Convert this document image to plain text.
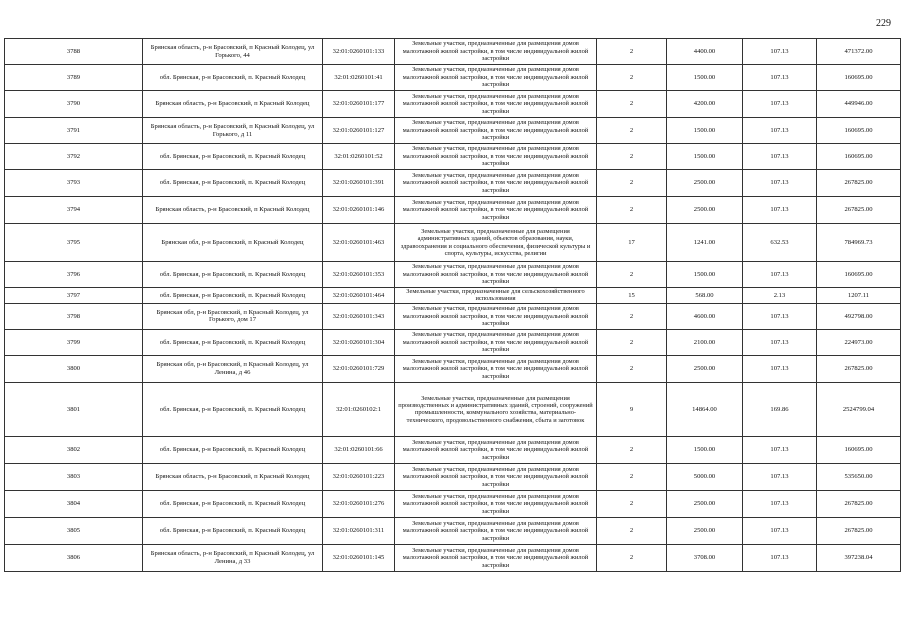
229
3788	Брянская область, р-н Брасовский, п Красный Колодец, ул Горького, 44	32:01:0260101:133	Земельные участки, предназначенные для размещения домов малоэтажной жилой застройки, в том числе индивидуальной жилой застройки	2	4400.00	107.13	471372.00
3789	обл. Брянская, р-н Брасовский, п. Красный Колодец	32:01:0260101:41	Земельные участки, предназначенные для размещения домов малоэтажной жилой застройки, в том числе индивидуальной жилой застройки	2	1500.00	107.13	160695.00
3790	Брянская область, р-н Брасовский, п Красный Колодец	32:01:0260101:177	Земельные участки, предназначенные для размещения домов малоэтажной жилой застройки, в том числе индивидуальной жилой застройки	2	4200.00	107.13	449946.00
3791	Брянская область, р-н Брасовский, п Красный Колодец, ул Горького, д 11	32:01:0260101:127	Земельные участки, предназначенные для размещения домов малоэтажной жилой застройки, в том числе индивидуальной жилой застройки	2	1500.00	107.13	160695.00
3792	обл. Брянская, р-н Брасовский, п. Красный Колодец	32:01:0260101:52	Земельные участки, предназначенные для размещения домов малоэтажной жилой застройки, в том числе индивидуальной жилой застройки	2	1500.00	107.13	160695.00
3793	обл. Брянская, р-н Брасовский, п. Красный Колодец	32:01:0260101:391	Земельные участки, предназначенные для размещения домов малоэтажной жилой застройки, в том числе индивидуальной жилой застройки	2	2500.00	107.13	267825.00
3794	Брянская область, р-н Брасовский, п Красный Колодец	32:01:0260101:146	Земельные участки, предназначенные для размещения домов малоэтажной жилой застройки, в том числе индивидуальной жилой застройки	2	2500.00	107.13	267825.00
3795	Брянская обл, р-н Брасовский, п Красный Колодец	32:01:0260101:463	Земельные участки, предназначенные для размещения административных зданий, объектов образования, науки, здравоохранения и социального обеспечения, физической культуры и спорта, культуры, искусства, религии	17	1241.00	632.53	784969.73
3796	обл. Брянская, р-н Брасовский, п. Красный Колодец	32:01:0260101:353	Земельные участки, предназначенные для размещения домов малоэтажной жилой застройки, в том числе индивидуальной жилой застройки	2	1500.00	107.13	160695.00
3797	обл. Брянская, р-н Брасовский, п. Красный Колодец	32:01:0260101:464	Земельные участки, предназначенные для сельскохозяйственного использования	15	568.00	2.13	1207.11
3798	Брянская обл, р-н Брасовский, п Красный Колодец, ул Горького, дом 17	32:01:0260101:343	Земельные участки, предназначенные для размещения домов малоэтажной жилой застройки, в том числе индивидуальной жилой застройки	2	4600.00	107.13	492798.00
3799	обл. Брянская, р-н Брасовский, п. Красный Колодец	32:01:0260101:304	Земельные участки, предназначенные для размещения домов малоэтажной жилой застройки, в том числе индивидуальной жилой застройки	2	2100.00	107.13	224973.00
3800	Брянская обл, р-н Брасовский, п Красный Колодец, ул Ленина, д 46	32:01:0260101:729	Земельные участки, предназначенные для размещения домов малоэтажной жилой застройки, в том числе индивидуальной жилой застройки	2	2500.00	107.13	267825.00
3801	обл. Брянская, р-н Брасовский, п. Красный Колодец	32:01:0260102:1	Земельные участки, предназначенные для размещения производственных и административных зданий, строений, сооружений промышленности, коммунального хозяйства, материально-технического, продовольственного снабжения, сбыта и заготовок	9	14864.00	169.86	2524799.04
3802	обл. Брянская, р-н Брасовский, п. Красный Колодец	32:01:0260101:66	Земельные участки, предназначенные для размещения домов малоэтажной жилой застройки, в том числе индивидуальной жилой застройки	2	1500.00	107.13	160695.00
3803	Брянская область, р-н Брасовский, п Красный Колодец	32:01:0260101:223	Земельные участки, предназначенные для размещения домов малоэтажной жилой застройки, в том числе индивидуальной жилой застройки	2	5000.00	107.13	535650.00
3804	обл. Брянская, р-н Брасовский, п. Красный Колодец	32:01:0260101:276	Земельные участки, предназначенные для размещения домов малоэтажной жилой застройки, в том числе индивидуальной жилой застройки	2	2500.00	107.13	267825.00
3805	обл. Брянская, р-н Брасовский, п. Красный Колодец	32:01:0260101:311	Земельные участки, предназначенные для размещения домов малоэтажной жилой застройки, в том числе индивидуальной жилой застройки	2	2500.00	107.13	267825.00
3806	Брянская область, р-н Брасовский, п Красный Колодец, ул Ленина, д 33	32:01:0260101:145	Земельные участки, предназначенные для размещения домов малоэтажной жилой застройки, в том числе индивидуальной жилой застройки	2	3708.00	107.13	397238.04
